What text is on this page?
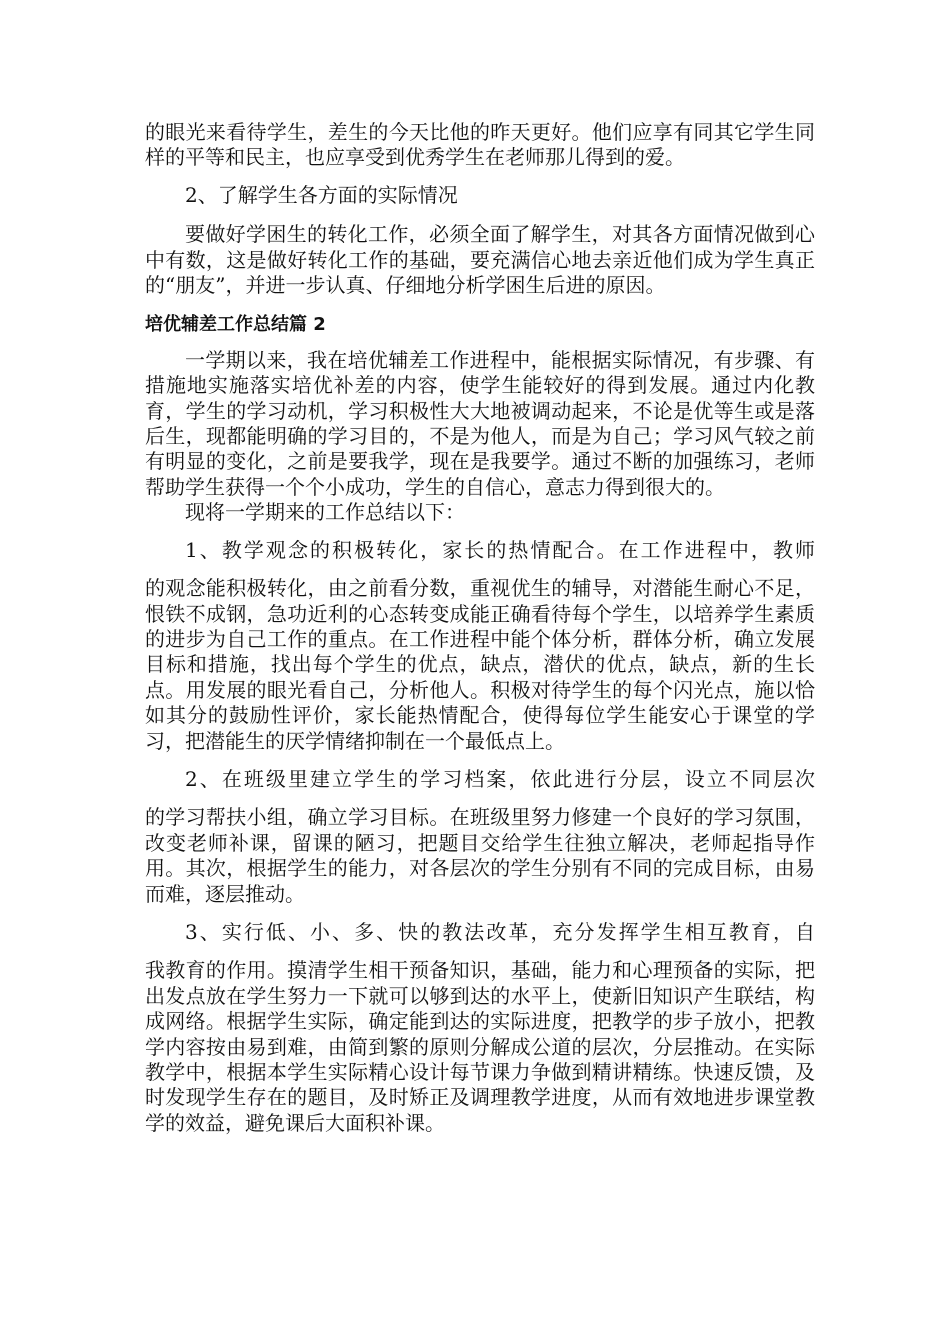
的眼光来看待学生，差生的今天比他的昨天更好。他们应享有同其它学生同样的平等和民主，也应享受到优秀学生在老师那儿得到的爱。

2、了解学生各方面的实际情况

要做好学困生的转化工作，必须全面了解学生，对其各方面情况做到心中有数，这是做好转化工作的基础，要充满信心地去亲近他们成为学生真正的“朋友”，并进一步认真、仔细地分析学困生后进的原因。

培优辅差工作总结篇 2

一学期以来，我在培优辅差工作进程中，能根据实际情况，有步骤、有措施地实施落实培优补差的内容，使学生能较好的得到发展。通过内化教育，学生的学习动机，学习积极性大大地被调动起来，不论是优等生或是落后生，现都能明确的学习目的，不是为他人，而是为自己；学习风气较之前有明显的变化，之前是要我学，现在是我要学。通过不断的加强练习，老师帮助学生获得一个个小成功，学生的自信心，意志力得到很大的。

现将一学期来的工作总结以下：

1、教学观念的积极转化，家长的热情配合。在工作进程中，教师

的观念能积极转化，由之前看分数，重视优生的辅导，对潜能生耐心不足，恨铁不成钢，急功近利的心态转变成能正确看待每个学生，以培养学生素质的进步为自己工作的重点。在工作进程中能个体分析，群体分析，确立发展目标和措施，找出每个学生的优点，缺点，潜伏的优点，缺点，新的生长点。用发展的眼光看自己，分析他人。积极对待学生的每个闪光点，施以恰如其分的鼓励性评价，家长能热情配合，使得每位学生能安心于课堂的学习，把潜能生的厌学情绪抑制在一个最低点上。

2、在班级里建立学生的学习档案，依此进行分层，设立不同层次

的学习帮扶小组，确立学习目标。在班级里努力修建一个良好的学习氛围，改变老师补课，留课的陋习，把题目交给学生往独立解决，老师起指导作用。其次，根据学生的能力，对各层次的学生分别有不同的完成目标，由易而难，逐层推动。

3、实行低、小、多、快的教法改革，充分发挥学生相互教育，自

我教育的作用。摸清学生相干预备知识，基础，能力和心理预备的实际，把出发点放在学生努力一下就可以够到达的水平上，使新旧知识产生联结，构成网络。根据学生实际，确定能到达的实际进度，把教学的步子放小，把教学内容按由易到难，由简到繁的原则分解成公道的层次，分层推动。在实际教学中，根据本学生实际精心设计每节课力争做到精讲精练。快速反馈，及时发现学生存在的题目，及时矫正及调理教学进度，从而有效地进步课堂教学的效益，避免课后大面积补课。
